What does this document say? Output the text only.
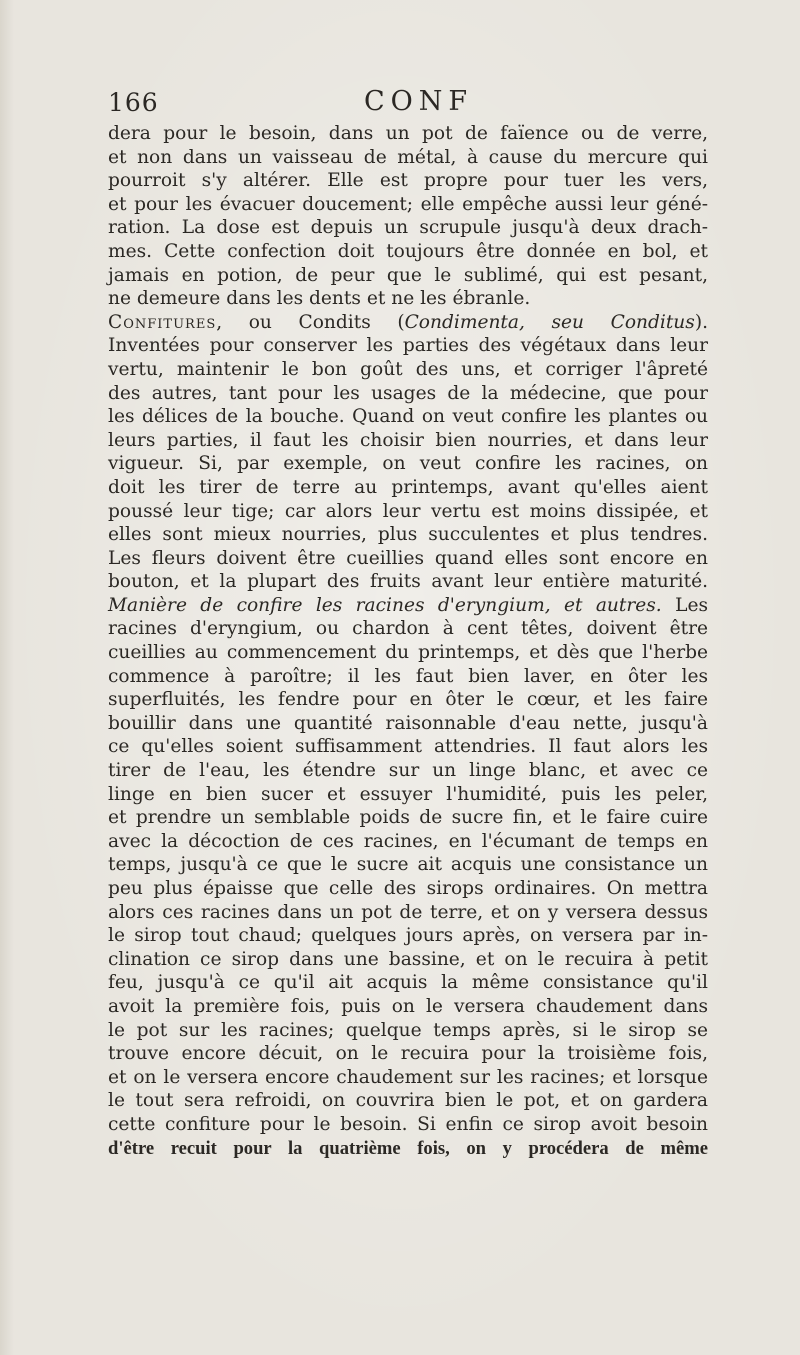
166	CONF
dera pour le besoin, dans un pot de faïence ou de verre,
et non dans un vaisseau de métal, à cause du mercure qui
pourroit s'y altérer. Elle est propre pour tuer les vers,
et pour les évacuer doucement; elle empêche aussi leur géné-
ration. La dose est depuis un scrupule jusqu'à deux drach-
mes. Cette confection doit toujours être donnée en bol, et
jamais en potion, de peur que le sublimé, qui est pesant,
ne demeure dans les dents et ne les ébranle.
Confitures, ou Condits (Condimenta, seu Conditus).
Inventées pour conserver les parties des végétaux dans leur
vertu, maintenir le bon goût des uns, et corriger l'âpreté
des autres, tant pour les usages de la médecine, que pour
les délices de la bouche. Quand on veut confire les plantes ou
leurs parties, il faut les choisir bien nourries, et dans leur
vigueur. Si, par exemple, on veut confire les racines, on
doit les tirer de terre au printemps, avant qu'elles aient
poussé leur tige; car alors leur vertu est moins dissipée, et
elles sont mieux nourries, plus succulentes et plus tendres.
Les fleurs doivent être cueillies quand elles sont encore en
bouton, et la plupart des fruits avant leur entière maturité.
Manière de confire les racines d'eryngium, et autres. Les
racines d'eryngium, ou chardon à cent têtes, doivent être
cueillies au commencement du printemps, et dès que l'herbe
commence à paroître; il les faut bien laver, en ôter les
superfluités, les fendre pour en ôter le cœur, et les faire
bouillir dans une quantité raisonnable d'eau nette, jusqu'à
ce qu'elles soient suffisamment attendries. Il faut alors les
tirer de l'eau, les étendre sur un linge blanc, et avec ce
linge en bien sucer et essuyer l'humidité, puis les peler,
et prendre un semblable poids de sucre fin, et le faire cuire
avec la décoction de ces racines, en l'écumant de temps en
temps, jusqu'à ce que le sucre ait acquis une consistance un
peu plus épaisse que celle des sirops ordinaires. On mettra
alors ces racines dans un pot de terre, et on y versera dessus
le sirop tout chaud; quelques jours après, on versera par in-
clination ce sirop dans une bassine, et on le recuira à petit
feu, jusqu'à ce qu'il ait acquis la même consistance qu'il
avoit la première fois, puis on le versera chaudement dans
le pot sur les racines; quelque temps après, si le sirop se
trouve encore décuit, on le recuira pour la troisième fois,
et on le versera encore chaudement sur les racines; et lorsque
le tout sera refroidi, on couvrira bien le pot, et on gardera
cette confiture pour le besoin. Si enfin ce sirop avoit besoin
d'être recuit pour la quatrième fois, on y procédera de même
